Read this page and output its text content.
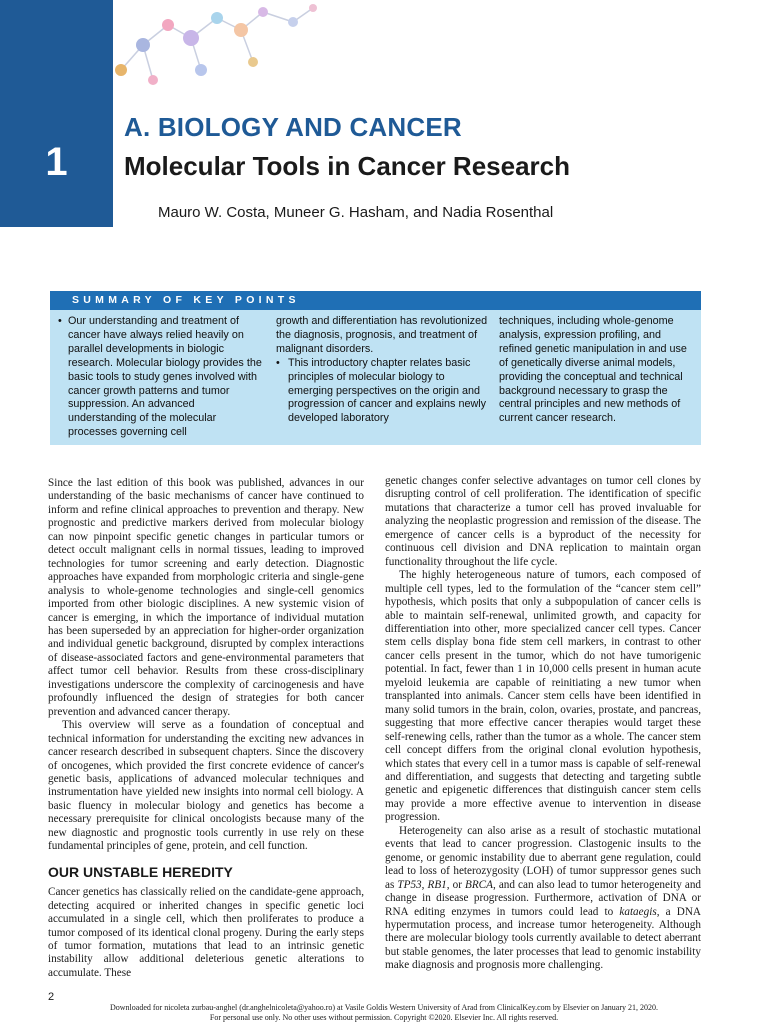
1
A. BIOLOGY AND CANCER
Molecular Tools in Cancer Research
Mauro W. Costa, Muneer G. Hasham, and Nadia Rosenthal
SUMMARY OF KEY POINTS
• Our understanding and treatment of cancer have always relied heavily on parallel developments in biologic research. Molecular biology provides the basic tools to study genes involved with cancer growth patterns and tumor suppression. An advanced understanding of the molecular processes governing cell
growth and differentiation has revolutionized the diagnosis, prognosis, and treatment of malignant disorders.
• This introductory chapter relates basic principles of molecular biology to emerging perspectives on the origin and progression of cancer and explains newly developed laboratory
techniques, including whole-genome analysis, expression profiling, and refined genetic manipulation in and use of genetically diverse animal models, providing the conceptual and technical background necessary to grasp the central principles and new methods of current cancer research.

Since the last edition of this book was published, advances in our understanding of the basic mechanisms of cancer have continued to inform and refine clinical approaches to prevention and therapy. New prognostic and predictive markers derived from molecular biology can now pinpoint specific genetic changes in particular tumors or detect occult malignant cells in normal tissues, leading to improved technologies for tumor screening and early detection. Diagnostic approaches have expanded from morphologic criteria and single-gene analysis to whole-genome technologies and single-cell genomics imported from other biologic disciplines. A new systemic vision of cancer is emerging, in which the importance of individual mutation has been superseded by an appreciation for higher-order organization and individual genetic background, disrupted by complex interactions of disease-associated factors and gene-environmental parameters that affect tumor cell behavior. Results from these cross-disciplinary investigations underscore the complexity of carcinogenesis and have profoundly influenced the design of strategies for both cancer prevention and advanced cancer therapy.

This overview will serve as a foundation of conceptual and technical information for understanding the exciting new advances in cancer research described in subsequent chapters. Since the discovery of oncogenes, which provided the first concrete evidence of cancer's genetic basis, applications of advanced molecular techniques and instrumentation have yielded new insights into normal cell biology. A basic fluency in molecular biology and genetics has become a necessary prerequisite for clinical oncologists because many of the new diagnostic and prognostic tools currently in use rely on these fundamental principles of gene, protein, and cell function.

OUR UNSTABLE HEREDITY

Cancer genetics has classically relied on the candidate-gene approach, detecting acquired or inherited changes in specific genetic loci accumulated in a single cell, which then proliferates to produce a tumor composed of its identical clonal progeny. During the early steps of tumor formation, mutations that lead to an intrinsic genetic instability allow additional deleterious genetic alterations to accumulate. These

genetic changes confer selective advantages on tumor cell clones by disrupting control of cell proliferation. The identification of specific mutations that characterize a tumor cell has proved invaluable for analyzing the neoplastic progression and remission of the disease. The emergence of cancer cells is a byproduct of the necessity for continuous cell division and DNA replication to maintain organ functionality throughout the life cycle.

The highly heterogeneous nature of tumors, each composed of multiple cell types, led to the formulation of the “cancer stem cell” hypothesis, which posits that only a subpopulation of cancer cells is able to maintain self-renewal, unlimited growth, and capacity for differentiation into other, more specialized cancer cell types. Cancer stem cells display bona fide stem cell markers, in contrast to other cancer cells present in the tumor, which do not have tumorigenic potential. In fact, fewer than 1 in 10,000 cells present in human acute myeloid leukemia are capable of reinitiating a new tumor when transplanted into animals. Cancer stem cells have been identified in many solid tumors in the brain, colon, ovaries, prostate, and pancreas, suggesting that more effective cancer therapies would target these self-renewing cells, rather than the tumor as a whole. The cancer stem cell concept differs from the original clonal evolution hypothesis, which states that every cell in a tumor mass is capable of self-renewal and differentiation, and suggests that detecting and targeting subtle genetic and epigenetic differences that distinguish cancer stem cells may provide a more effective avenue to intervention in disease progression.

Heterogeneity can also arise as a result of stochastic mutational events that lead to cancer progression. Clastogenic insults to the genome, or genomic instability due to aberrant gene regulation, could lead to loss of heterozygosity (LOH) of tumor suppressor genes such as TP53, RB1, or BRCA, and can also lead to tumor heterogeneity and change in disease progression. Furthermore, activation of DNA or RNA editing enzymes in tumors could lead to kataegis, a DNA hypermutation process, and increase tumor heterogeneity. Although there are molecular biology tools currently available to detect aberrant but stable genomes, the later processes that lead to genomic instability make diagnosis and prognosis more challenging.

2
Downloaded for nicoleta zurbau-anghel (dr.anghelnicoleta@yahoo.ro) at Vasile Goldis Western University of Arad from ClinicalKey.com by Elsevier on January 21, 2020.
For personal use only. No other uses without permission. Copyright ©2020. Elsevier Inc. All rights reserved.
